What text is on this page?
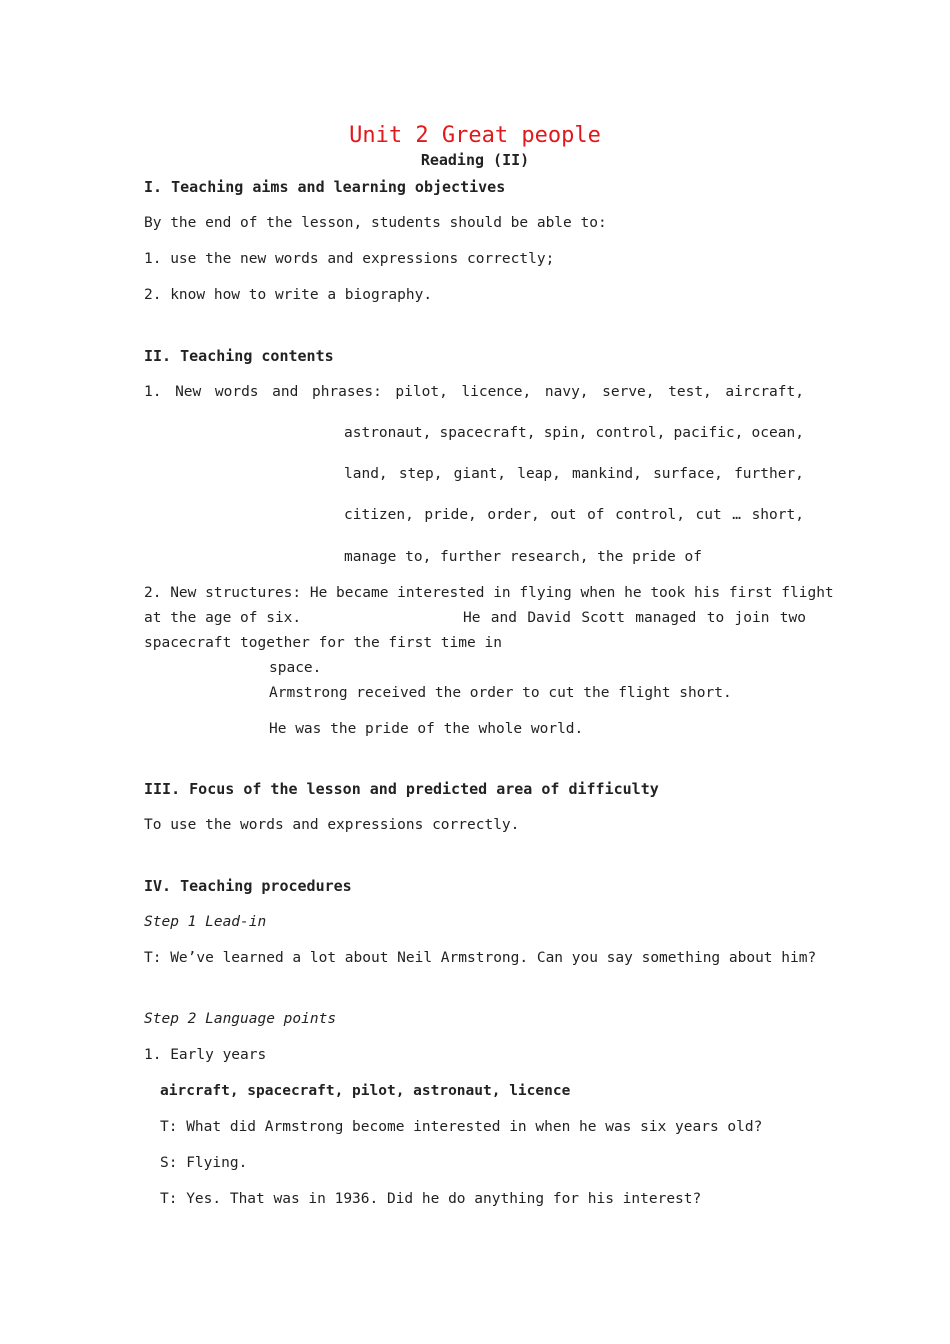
Unit 2 Great people
Reading (II)
I. Teaching aims and learning objectives
By the end of the lesson, students should be able to:
1. use the new words and expressions correctly;
2. know how to write a biography.
II. Teaching contents
1. New words and phrases: pilot, licence, navy, serve, test, aircraft,
astronaut, spacecraft, spin, control, pacific, ocean,
land, step, giant, leap, mankind, surface, further,
citizen, pride, order, out of control, cut … short,
manage to, further research, the pride of
2. New structures: He became interested in flying when he took his first flight
at the age of six.	He and David Scott managed to join two
spacecraft together for the first time in
space.
Armstrong received the order to cut the flight short.
He was the pride of the whole world.
III. Focus of the lesson and predicted area of difficulty
To use the words and expressions correctly.
IV. Teaching procedures
Step 1 Lead-in
T: We’ve learned a lot about Neil Armstrong. Can you say something about him?
Step 2 Language points
1. Early years
aircraft, spacecraft, pilot, astronaut, licence
T: What did Armstrong become interested in when he was six years old?
S: Flying.
T: Yes. That was in 1936. Did he do anything for his interest?
